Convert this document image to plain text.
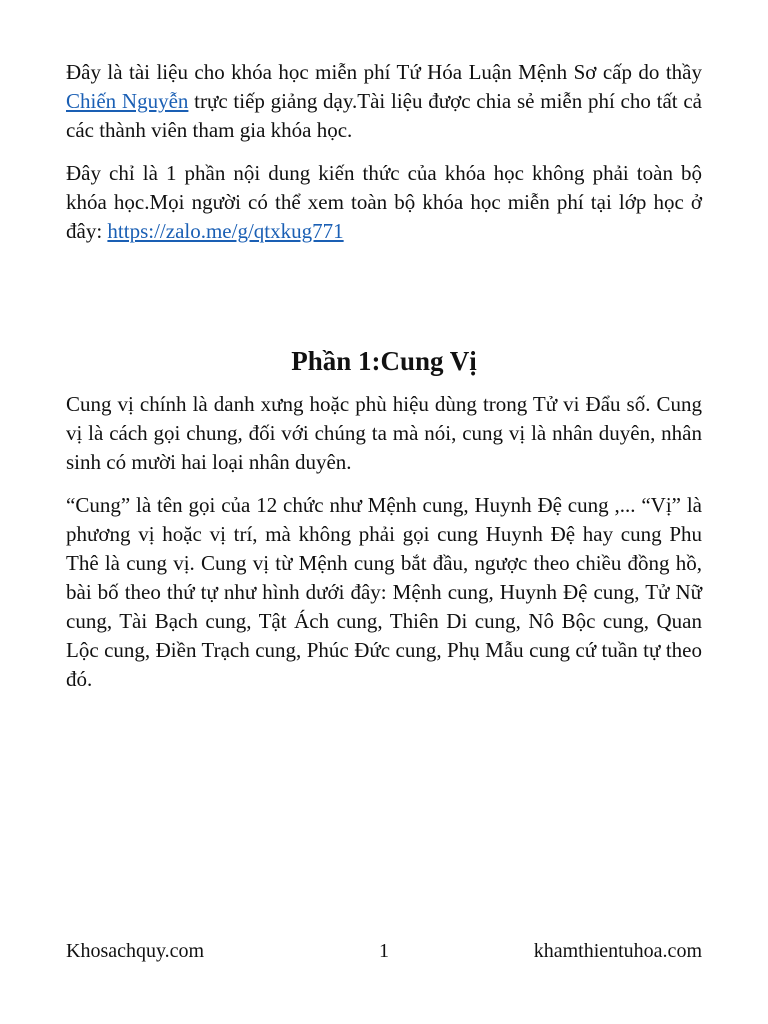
Đây là tài liệu cho khóa học miễn phí Tứ Hóa Luận Mệnh Sơ cấp do thầy Chiến Nguyễn trực tiếp giảng dạy.Tài liệu được chia sẻ miễn phí cho tất cả các thành viên tham gia khóa học.

Đây chỉ là 1 phần nội dung kiến thức của khóa học không phải toàn bộ khóa học.Mọi người có thể xem toàn bộ khóa học miễn phí tại lớp học ở đây: https://zalo.me/g/qtxkug771

Phần 1:Cung Vị

Cung vị chính là danh xưng hoặc phù hiệu dùng trong Tử vi Đẩu số. Cung vị là cách gọi chung, đối với chúng ta mà nói, cung vị là nhân duyên, nhân sinh có mười hai loại nhân duyên.

“Cung” là tên gọi của 12 chức như Mệnh cung, Huynh Đệ cung ,... “Vị” là phương vị hoặc vị trí, mà không phải gọi cung Huynh Đệ hay cung Phu Thê là cung vị. Cung vị từ Mệnh cung bắt đầu, ngược theo chiều đồng hồ, bài bố theo thứ tự như hình dưới đây: Mệnh cung, Huynh Đệ cung, Tử Nữ cung, Tài Bạch cung, Tật Ách cung, Thiên Di cung, Nô Bộc cung, Quan Lộc cung, Điền Trạch cung, Phúc Đức cung, Phụ Mẫu cung cứ tuần tự theo đó.

Khosachquy.com	1	khamthientuhoa.com
